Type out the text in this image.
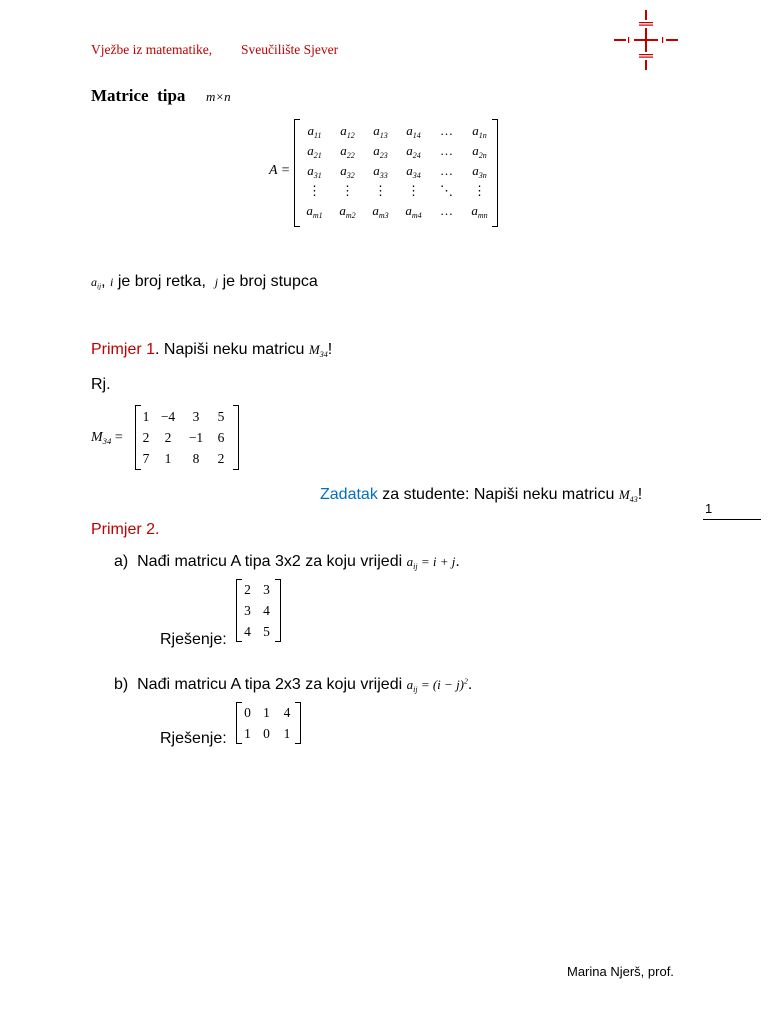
Vježbe iz matematike, Sveučilište Sjever
Matrice  tipa m×n
A =
$a_{11}$	$a_{12}$	$a_{13}$	$a_{14}$	…	$a_{1n}$
$a_{21}$	$a_{22}$	$a_{23}$	$a_{24}$	…	$a_{2n}$
$a_{31}$	$a_{32}$	$a_{33}$	$a_{34}$	…	$a_{3n}$
⋮	⋮	⋮	⋮	⋱	⋮
$a_{m1}$	$a_{m2}$	$a_{m3}$	$a_{m4}$	…	$a_{mn}$
$a_{ij}$, i je broj retka, j je broj stupca
Primjer 1. Napiši neku matricu $M_{34}$!
Rj.
$M_{34}$ =
1	−4	3	5
2	2	−1	6
7	1	8	2
Zadatak za studente: Napiši neku matricu $M_{43}$!
1
Primjer 2.
a) Nađi matricu A tipa 3x2 za koju vrijedi $a_{ij} = i + j$.
Rješenje:
2	3
3	4
4	5
b) Nađi matricu A tipa 2x3 za koju vrijedi $a_{ij} = (i - j)^2$.
Rješenje:
0	1	4
1	0	1
Marina Njerš, prof.
